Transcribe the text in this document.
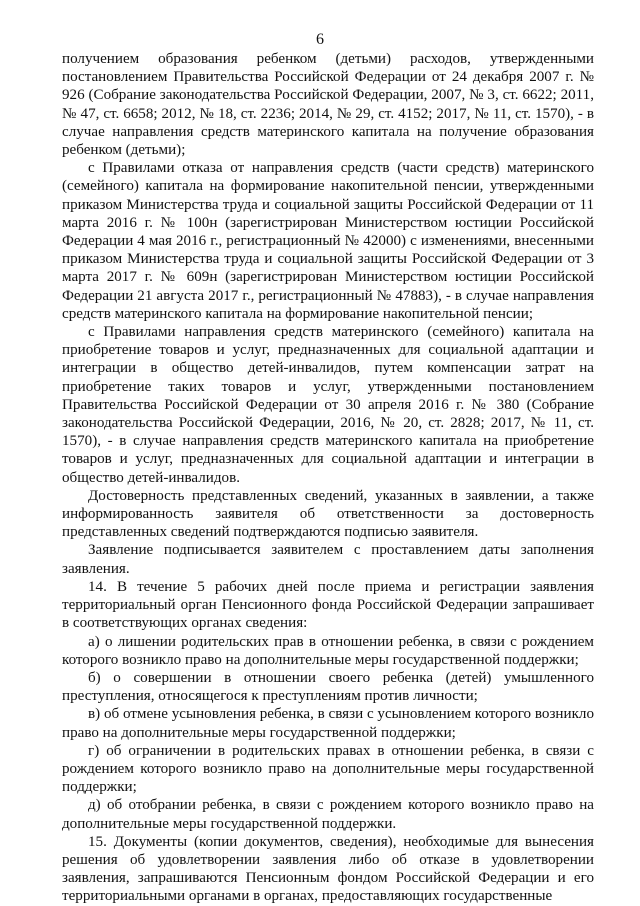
6

получением образования ребенком (детьми) расходов, утвержденными постановлением Правительства Российской Федерации от 24 декабря 2007 г. № 926 (Собрание законодательства Российской Федерации, 2007, № 3, ст. 6622; 2011, № 47, ст. 6658; 2012, № 18, ст. 2236; 2014, № 29, ст. 4152; 2017, № 11, ст. 1570), - в случае направления средств материнского капитала на получение образования ребенком (детьми);

с Правилами отказа от направления средств (части средств) материнского (семейного) капитала на формирование накопительной пенсии, утвержденными приказом Министерства труда и социальной защиты Российской Федерации от 11 марта 2016 г. № 100н (зарегистрирован Министерством юстиции Российской Федерации 4 мая 2016 г., регистрационный № 42000) с изменениями, внесенными приказом Министерства труда и социальной защиты Российской Федерации от 3 марта 2017 г. № 609н (зарегистрирован Министерством юстиции Российской Федерации 21 августа 2017 г., регистрационный № 47883), - в случае направления средств материнского капитала на формирование накопительной пенсии;

с Правилами направления средств материнского (семейного) капитала на приобретение товаров и услуг, предназначенных для социальной адаптации и интеграции в общество детей-инвалидов, путем компенсации затрат на приобретение таких товаров и услуг, утвержденными постановлением Правительства Российской Федерации от 30 апреля 2016 г. № 380 (Собрание законодательства Российской Федерации, 2016, № 20, ст. 2828; 2017, № 11, ст. 1570), - в случае направления средств материнского капитала на приобретение товаров и услуг, предназначенных для социальной адаптации и интеграции в общество детей-инвалидов.

Достоверность представленных сведений, указанных в заявлении, а также информированность заявителя об ответственности за достоверность представленных сведений подтверждаются подписью заявителя.

Заявление подписывается заявителем с проставлением даты заполнения заявления.

14. В течение 5 рабочих дней после приема и регистрации заявления территориальный орган Пенсионного фонда Российской Федерации запрашивает в соответствующих органах сведения:

а) о лишении родительских прав в отношении ребенка, в связи с рождением которого возникло право на дополнительные меры государственной поддержки;

б) о совершении в отношении своего ребенка (детей) умышленного преступления, относящегося к преступлениям против личности;

в) об отмене усыновления ребенка, в связи с усыновлением которого возникло право на дополнительные меры государственной поддержки;

г) об ограничении в родительских правах в отношении ребенка, в связи с рождением которого возникло право на дополнительные меры государственной поддержки;

д) об отобрании ребенка, в связи с рождением которого возникло право на дополнительные меры государственной поддержки.

15. Документы (копии документов, сведения), необходимые для вынесения решения об удовлетворении заявления либо об отказе в удовлетворении заявления, запрашиваются Пенсионным фондом Российской Федерации и его территориальными органами в органах, предоставляющих государственные
